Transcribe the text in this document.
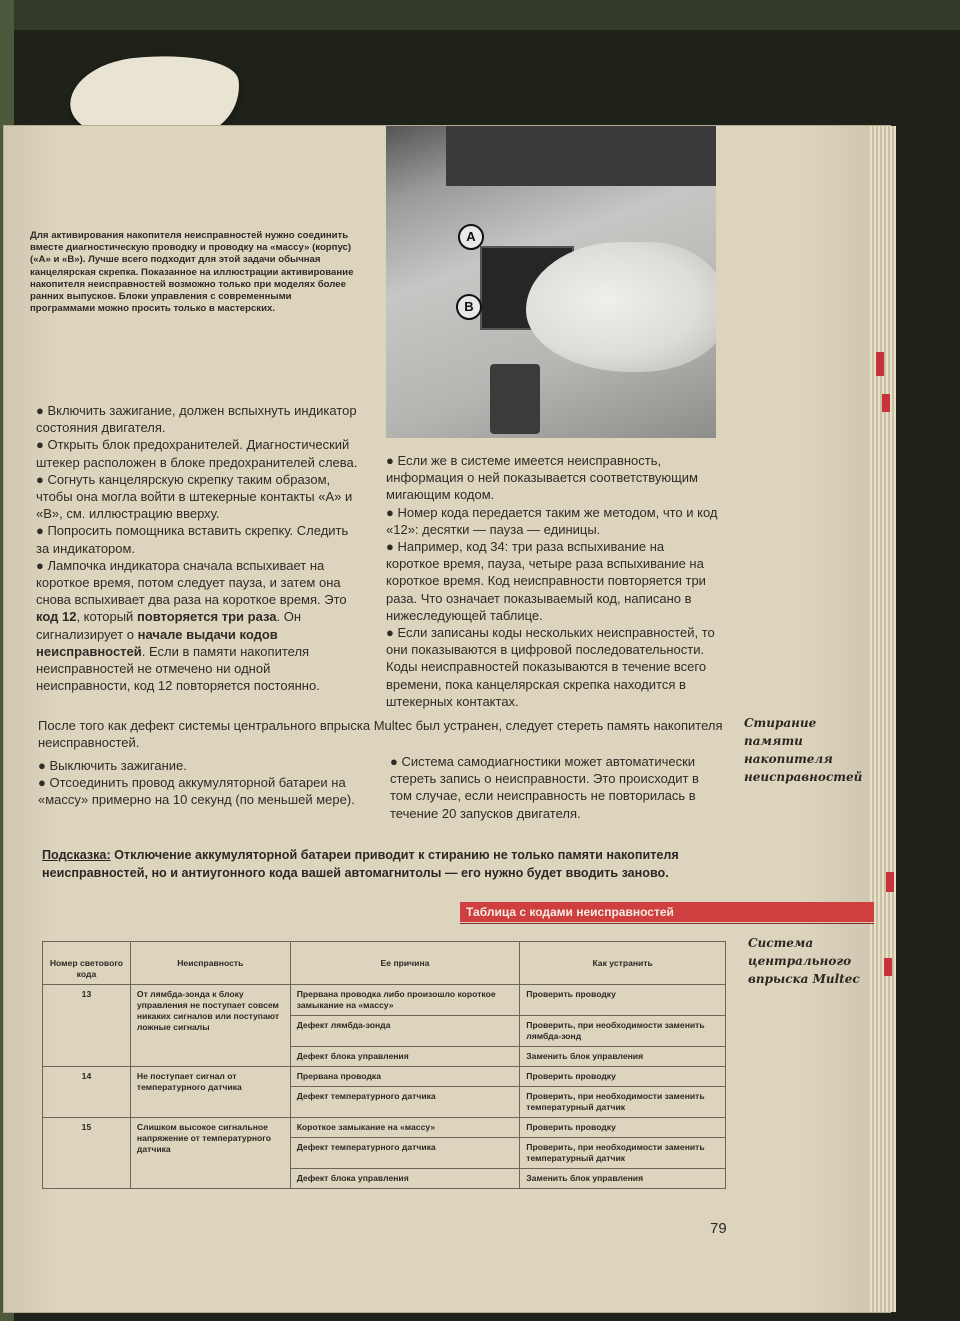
A
B
Для активирования накопителя неисправностей нужно соединить вместе диагностическую проводку и проводку на «массу» (корпус) («А» и «В»). Лучше всего подходит для этой задачи обычная канцелярская скрепка. Показанное на иллюстрации активирование накопителя неисправностей возможно только при моделях более ранних выпусков. Блоки управления с современными программами можно просить только в мастерских.

● Включить зажигание, должен вспыхнуть индикатор состояния двигателя.

● Открыть блок предохранителей. Диагностический штекер расположен в блоке предохранителей слева.

● Согнуть канцелярскую скрепку таким образом, чтобы она могла войти в штекерные контакты «А» и «В», см. иллюстрацию вверху.

● Попросить помощника вставить скрепку. Следить за индикатором.

● Лампочка индикатора сначала вспыхивает на короткое время, потом следует пауза, и затем она снова вспыхивает два раза на короткое время. Это код 12, который повторяется три раза. Он сигнализирует о начале выдачи кодов неисправностей. Если в памяти накопителя неисправностей не отмечено ни одной неисправности, код 12 повторяется постоянно.

● Если же в системе имеется неисправность, информация о ней показывается соответствующим мигающим кодом.

● Номер кода передается таким же методом, что и код «12»: десятки — пауза — единицы.

● Например, код 34: три раза вспыхивание на короткое время, пауза, четыре раза вспыхивание на короткое время. Код неисправности повторяется три раза. Что означает показываемый код, написано в нижеследующей таблице.

● Если записаны коды нескольких неисправностей, то они показываются в цифровой последовательности. Коды неисправностей показываются в течение всего времени, пока канцелярская скрепка находится в штекерных контактах.

После того как дефект системы центрального впрыска Multec был устранен, следует стереть память накопителя неисправностей.

● Выключить зажигание.

● Отсоединить провод аккумуляторной батареи на «массу» примерно на 10 секунд (по меньшей мере).

● Система самодиагностики может автоматически стереть запись о неисправности. Это происходит в том случае, если неисправность не повторилась в течение 20 запусков двигателя.
Стирание памяти накопителя неисправностей
Система центрального впрыска Multec
Подсказка: Отключение аккумуляторной батареи приводит к стиранию не только памяти накопителя неисправностей, но и антиугонного кода вашей автомагнитолы — его нужно будет вводить заново.
Таблица с кодами неисправностей
Номер светового кода	Неисправность	Ее причина	Как устранить
13	От лямбда-зонда к блоку управления не поступает совсем никаких сигналов или поступают ложные сигналы	Прервана проводка либо произошло короткое замыкание на «массу»	Проверить проводку
		Дефект лямбда-зонда	Проверить, при необходимости заменить лямбда-зонд
		Дефект блока управления	Заменить блок управления
14	Не поступает сигнал от температурного датчика	Прервана проводка	Проверить проводку
		Дефект температурного датчика	Проверить, при необходимости заменить температурный датчик
15	Слишком высокое сигнальное напряжение от температурного датчика	Короткое замыкание на «массу»	Проверить проводку
		Дефект температурного датчика	Проверить, при необходимости заменить температурный датчик
		Дефект блока управления	Заменить блок управления
79
